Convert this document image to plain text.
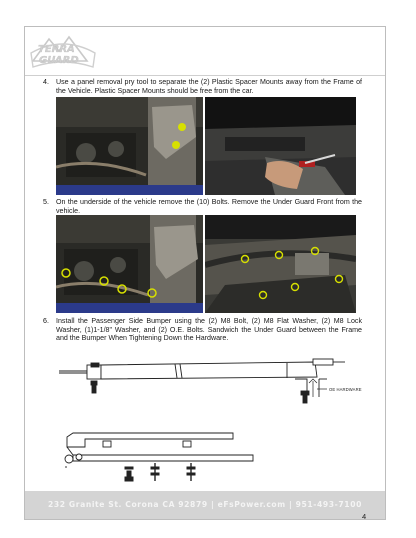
TERRA
GUARD
4. Use a panel removal pry tool to separate the (2) Plastic Spacer Mounts away from the Frame of the Vehicle. Plastic Spacer Mounts should be free from the car.
5. On the underside of the vehicle remove the (10) Bolts. Remove the Under Guard Front from the vehicle.
6. Install the Passenger Side Bumper using the (2) M8 Bolt, (2) M8 Flat Washer, (2) M8 Lock Washer, (1)1-1/8" Washer, and (2) O.E. Bolts. Sandwich the Under Guard between the Frame and the Bumper When Tightening Down the Hardware.
OE HARDWARE
232 Granite St. Corona CA 92879 | eFsPower.com | 951-493-7100
4
